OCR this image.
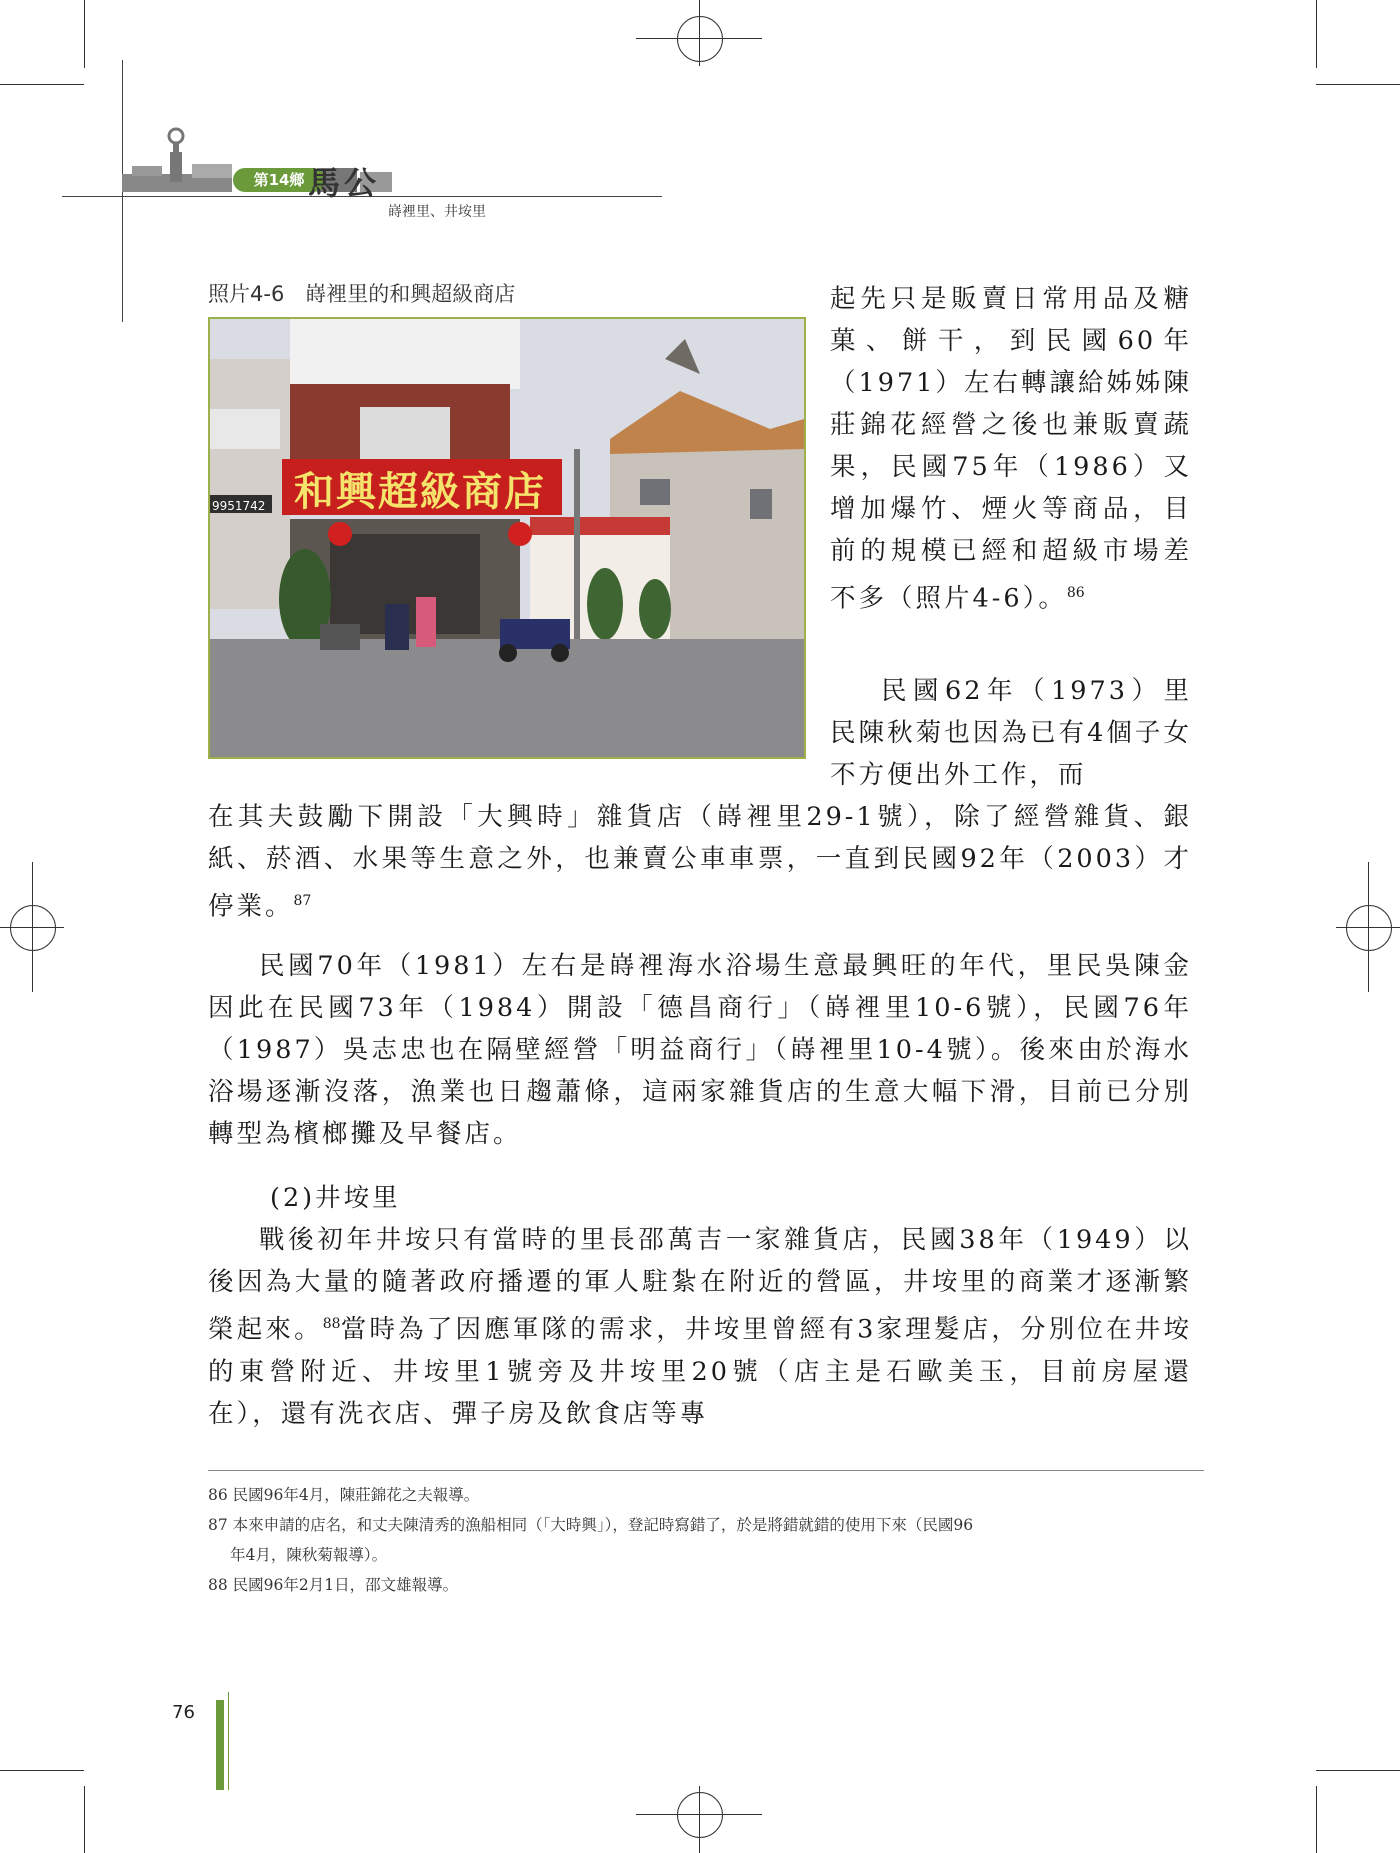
第14鄉 馬公
嵵裡里、井垵里
照片4-6　嵵裡里的和興超級商店
9951742 和興超級商店
起先只是販賣日常用品及糖菓、餅干，到民國60年（1971）左右轉讓給姊姊陳莊錦花經營之後也兼販賣蔬果，民國75年（1986）又增加爆竹、煙火等商品，目前的規模已經和超級市場差不多（照片4-6）。$^{86}$
民國62年（1973）里民陳秋菊也因為已有4個子女不方便出外工作，而
在其夫鼓勵下開設「大興時」雜貨店（嵵裡里29-1號），除了經營雜貨、銀紙、菸酒、水果等生意之外，也兼賣公車車票，一直到民國92年（2003）才停業。$^{87}$
民國70年（1981）左右是嵵裡海水浴場生意最興旺的年代，里民吳陳金因此在民國73年（1984）開設「德昌商行」（嵵裡里10-6號），民國76年（1987）吳志忠也在隔壁經營「明益商行」（嵵裡里10-4號）。後來由於海水浴場逐漸沒落，漁業也日趨蕭條，這兩家雜貨店的生意大幅下滑，目前已分別轉型為檳榔攤及早餐店。
(2)井垵里
戰後初年井垵只有當時的里長邵萬吉一家雜貨店，民國38年（1949）以後因為大量的隨著政府播遷的軍人駐紮在附近的營區，井垵里的商業才逐漸繁榮起來。$^{88}$當時為了因應軍隊的需求，井垵里曾經有3家理髮店，分別位在井垵的東營附近、井垵里1號旁及井垵里20號（店主是石歐美玉，目前房屋還在），還有洗衣店、彈子房及飲食店等專

86 民國96年4月，陳莊錦花之夫報導。

87 本來申請的店名，和丈夫陳清秀的漁船相同（「大時興」），登記時寫錯了，於是將錯就錯的使用下來（民國96

年4月，陳秋菊報導）。

88 民國96年2月1日，邵文雄報導。

76
